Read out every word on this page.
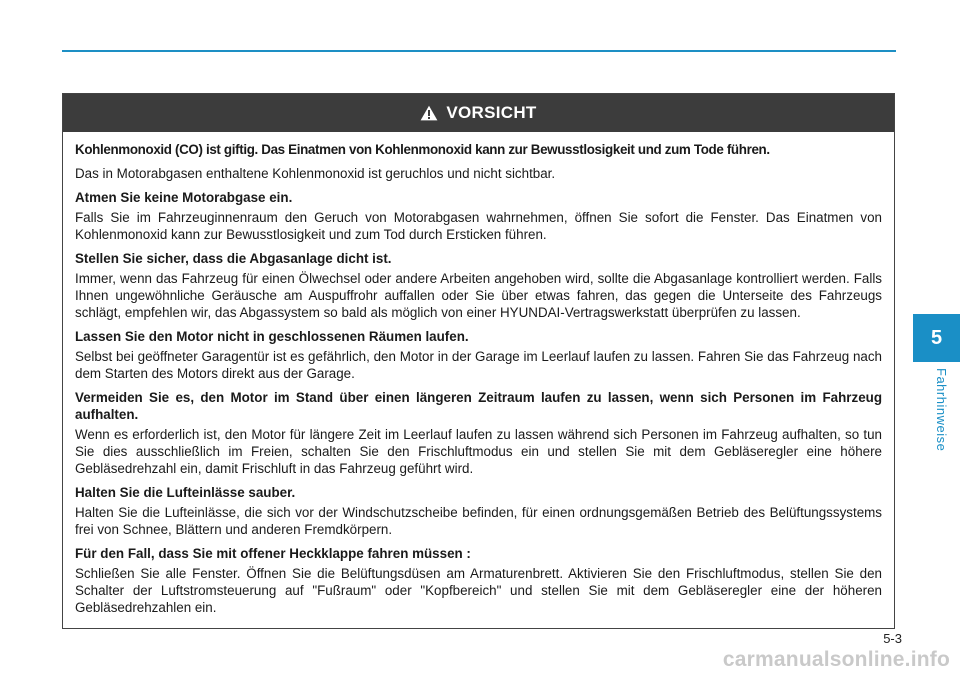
5
Fahrhinweise
VORSICHT

Kohlenmonoxid (CO) ist giftig. Das Einatmen von Kohlenmonoxid kann zur Bewusstlosigkeit und zum Tode führen.

Das in Motorabgasen enthaltene Kohlenmonoxid ist geruchlos und nicht sichtbar.

Atmen Sie keine Motorabgase ein.

Falls Sie im Fahrzeuginnenraum den Geruch von Motorabgasen wahrnehmen, öffnen Sie sofort die Fenster. Das Einatmen von Kohlenmonoxid kann zur Bewusstlosigkeit und zum Tod durch Ersticken führen.

Stellen Sie sicher, dass die Abgasanlage dicht ist.

Immer, wenn das Fahrzeug für einen Ölwechsel oder andere Arbeiten angehoben wird, sollte die Abgasanlage kontrolliert werden. Falls Ihnen ungewöhnliche Geräusche am Auspuffrohr auffallen oder Sie über etwas fahren, das gegen die Unterseite des Fahrzeugs schlägt, empfehlen wir, das Abgassystem so bald als möglich von einer HYUNDAI-Vertragswerkstatt überprüfen zu lassen.

Lassen Sie den Motor nicht in geschlossenen Räumen laufen.

Selbst bei geöffneter Garagentür ist es gefährlich, den Motor in der Garage im Leerlauf laufen zu lassen. Fahren Sie das Fahrzeug nach dem Starten des Motors direkt aus der Garage.

Vermeiden Sie es, den Motor im Stand über einen längeren Zeitraum laufen zu lassen, wenn sich Personen im Fahrzeug aufhalten.

Wenn es erforderlich ist, den Motor für längere Zeit im Leerlauf laufen zu lassen während sich Personen im Fahrzeug aufhalten, so tun Sie dies ausschließlich im Freien, schalten Sie den Frischluftmodus ein und stellen Sie mit dem Gebläseregler eine höhere Gebläsedrehzahl ein, damit Frischluft in das Fahrzeug geführt wird.

Halten Sie die Lufteinlässe sauber.

Halten Sie die Lufteinlässe, die sich vor der Windschutzscheibe befinden, für einen ordnungsgemäßen Betrieb des Belüftungssystems frei von Schnee, Blättern und anderen Fremdkörpern.

Für den Fall, dass Sie mit offener Heckklappe fahren müssen :

Schließen Sie alle Fenster. Öffnen Sie die Belüftungsdüsen am Armaturenbrett. Aktivieren Sie den Frischluftmodus, stellen Sie den Schalter der Luftstromsteuerung auf "Fußraum" oder "Kopfbereich" und stellen Sie mit dem Gebläseregler eine der höheren Gebläsedrehzahlen ein.

5-3
carmanualsonline.info
